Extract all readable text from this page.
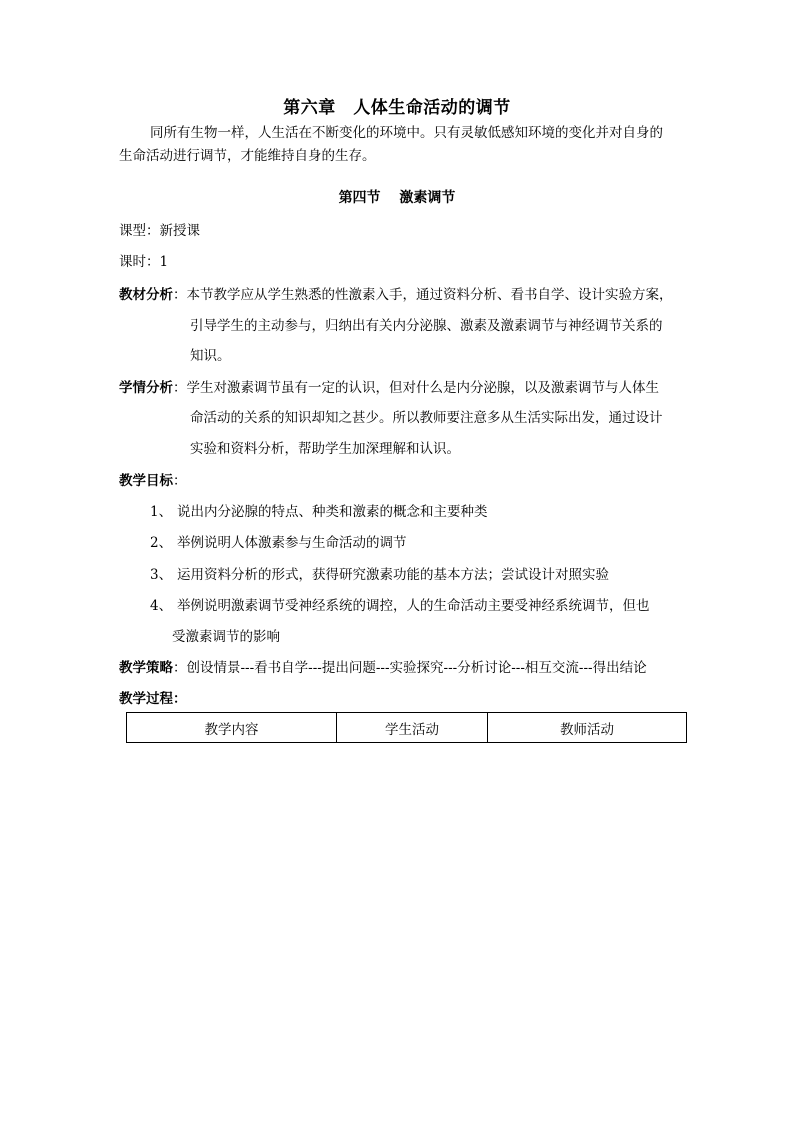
第六章　人体生命活动的调节
同所有生物一样，人生活在不断变化的环境中。只有灵敏低感知环境的变化并对自身的
生命活动进行调节，才能维持自身的生存。
第四节　 激素调节
课型：新授课
课时：1
教材分析：本节教学应从学生熟悉的性激素入手，通过资料分析、看书自学、设计实验方案，
引导学生的主动参与，归纳出有关内分泌腺、激素及激素调节与神经调节关系的
知识。
学情分析：学生对激素调节虽有一定的认识，但对什么是内分泌腺，以及激素调节与人体生
命活动的关系的知识却知之甚少。所以教师要注意多从生活实际出发，通过设计
实验和资料分析，帮助学生加深理解和认识。
教学目标：
1、 说出内分泌腺的特点、种类和激素的概念和主要种类
2、 举例说明人体激素参与生命活动的调节
3、 运用资料分析的形式，获得研究激素功能的基本方法；尝试设计对照实验
4、 举例说明激素调节受神经系统的调控，人的生命活动主要受神经系统调节，但也
受激素调节的影响
教学策略：创设情景---看书自学---提出问题---实验探究---分析讨论---相互交流---得出结论
教学过程：
教学内容	学生活动	教师活动
